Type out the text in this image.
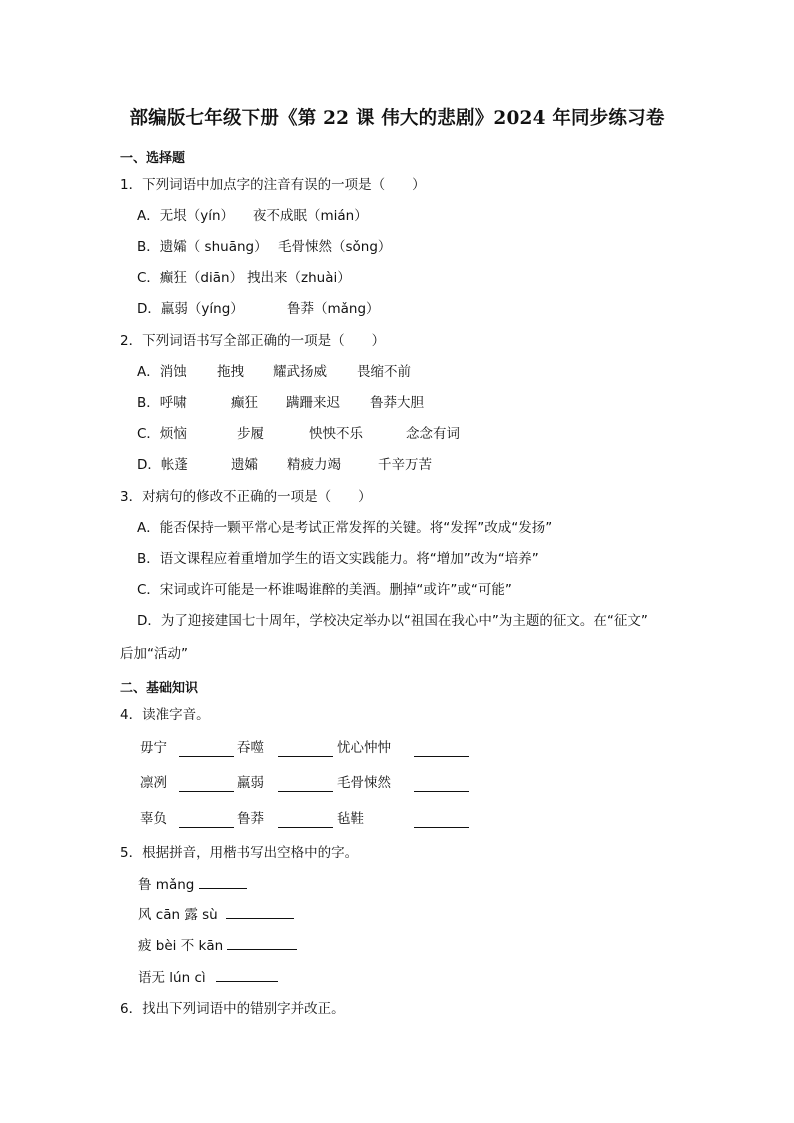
部编版七年级下册《第 22 课 伟大的悲剧》2024 年同步练习卷
一、选择题
1．下列词语中加点字的注音有误的一项是（　　）
A．无垠（yín） 夜不成眠（mián）
B．遗孀（ shuāng） 毛骨悚然（sǒng）
C．癫狂（diān） 拽出来（zhuài）
D．羸弱（yíng）	鲁莽（mǎng）
2．下列词语书写全部正确的一项是（　　）
A．消蚀 拖拽 耀武扬威 畏缩不前
B．呼啸	癫狂 蹒跚来迟 鲁莽大胆
C．烦恼	步履	怏怏不乐	念念有词
D．帐蓬	遗孀 精疲力竭	千辛万苦
3．对病句的修改不正确的一项是（　　）
A．能否保持一颗平常心是考试正常发挥的关键。将“发挥”改成“发扬”
B．语文课程应着重增加学生的语文实践能力。将“增加”改为“培养”
C．宋词或许可能是一杯谁喝谁醉的美酒。删掉“或许”或“可能”
D．为了迎接建国七十周年，学校决定举办以“祖国在我心中”为主题的征文。在“征文”
后加“活动”
二、基础知识
4．读准字音。
毋宁	吞噬	忧心忡忡
凛冽	羸弱	毛骨悚然
辜负	鲁莽	毡鞋
5．根据拼音，用楷书写出空格中的字。
鲁 mǎng
风 cān 露 sù
疲 bèi 不 kān
语无 lún cì
6．找出下列词语中的错别字并改正。
